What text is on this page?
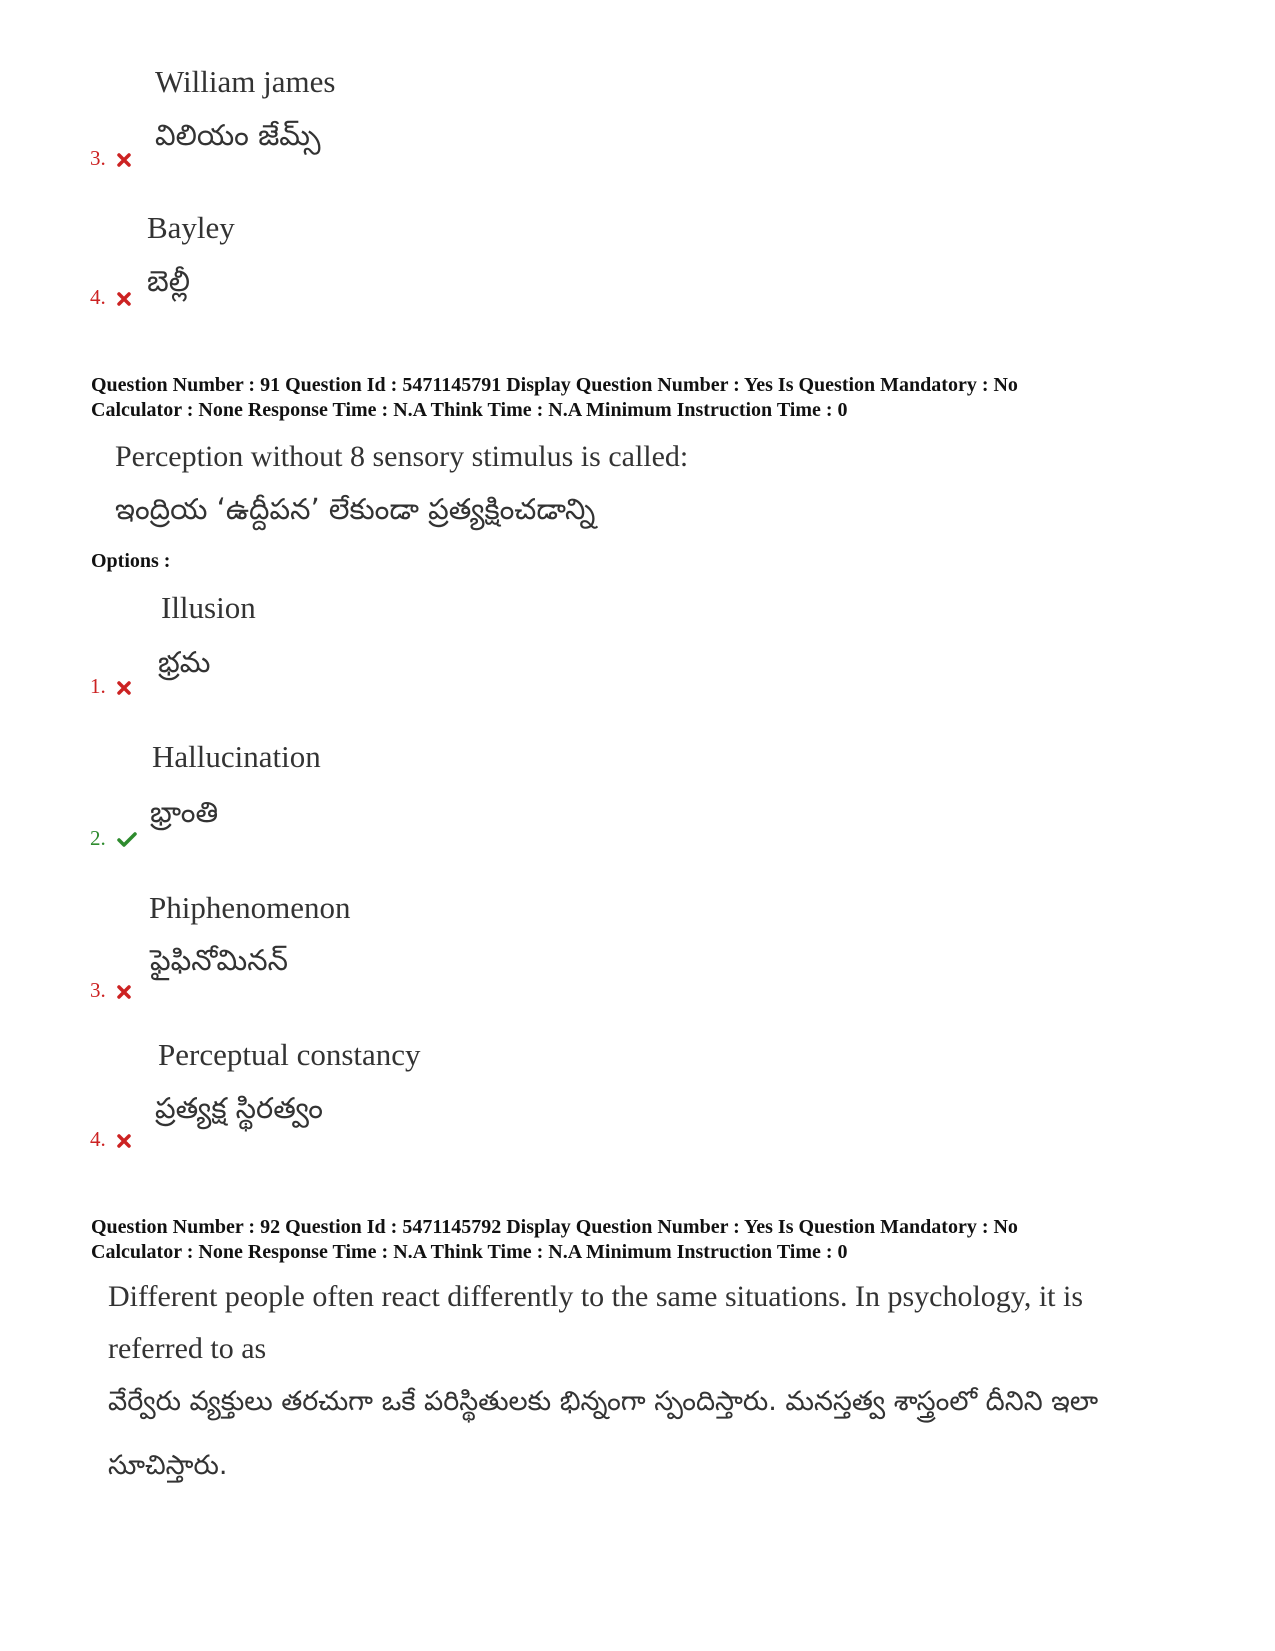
William james
విలియం జేమ్స్
3.
Bayley
బెల్లీ
4.
Question Number : 91 Question Id : 5471145791 Display Question Number : Yes Is Question Mandatory : No
Calculator : None Response Time : N.A Think Time : N.A Minimum Instruction Time : 0
Perception without 8 sensory stimulus is called:
ఇంద్రియ ‘ఉద్దీపన’ లేకుండా ప్రత్యక్షించడాన్ని
Options :
Illusion
భ్రమ
1.
Hallucination
భ్రాంతి
2.
Phiphenomenon
ఫైఫినోమినన్
3.
Perceptual constancy
ప్రత్యక్ష స్థిరత్వం
4.
Question Number : 92 Question Id : 5471145792 Display Question Number : Yes Is Question Mandatory : No
Calculator : None Response Time : N.A Think Time : N.A Minimum Instruction Time : 0
Different people often react differently to the same situations. In psychology, it is
referred to as
వేర్వేరు వ్యక్తులు తరచుగా ఒకే పరిస్థితులకు భిన్నంగా స్పందిస్తారు. మనస్తత్వ శాస్త్రంలో దీనిని ఇలా
సూచిస్తారు.
